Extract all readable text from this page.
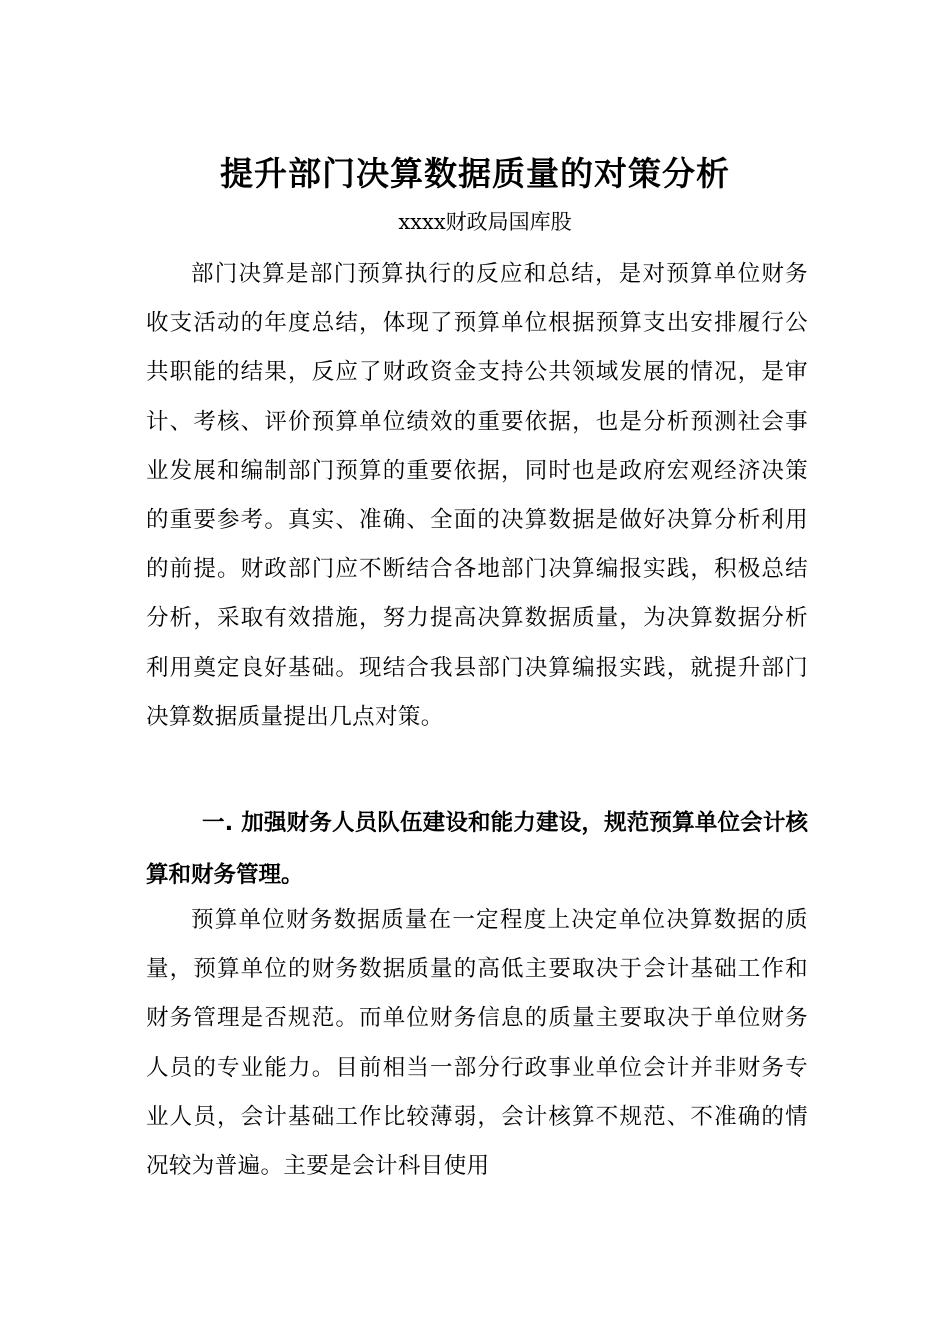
提升部门决算数据质量的对策分析
xxxx财政局国库股

部门决算是部门预算执行的反应和总结，是对预算单位财务收支活动的年度总结，体现了预算单位根据预算支出安排履行公共职能的结果，反应了财政资金支持公共领域发展的情况，是审计、考核、评价预算单位绩效的重要依据，也是分析预测社会事业发展和编制部门预算的重要依据，同时也是政府宏观经济决策的重要参考。真实、准确、全面的决算数据是做好决算分析利用的前提。财政部门应不断结合各地部门决算编报实践，积极总结分析，采取有效措施，努力提高决算数据质量，为决算数据分析利用奠定良好基础。现结合我县部门决算编报实践，就提升部门决算数据质量提出几点对策。

一. 加强财务人员队伍建设和能力建设，规范预算单位会计核算和财务管理。

预算单位财务数据质量在一定程度上决定单位决算数据的质量，预算单位的财务数据质量的高低主要取决于会计基础工作和财务管理是否规范。而单位财务信息的质量主要取决于单位财务人员的专业能力。目前相当一部分行政事业单位会计并非财务专业人员，会计基础工作比较薄弱，会计核算不规范、不准确的情况较为普遍。主要是会计科目使用
